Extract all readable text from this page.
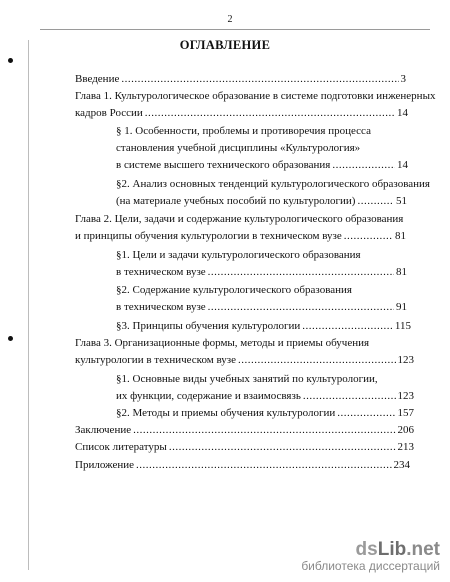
2
ОГЛАВЛЕНИЕ
Введение .....	3
Глава 1. Культурологическое образование в системе подготовки инженерных
кадров России .....	14
§ 1. Особенности, проблемы и противоречия процесса
становления учебной дисциплины «Культурология»
в системе высшего технического образования .....	14
§2. Анализ основных тенденций культурологического образования
(на материале учебных пособий по культурологии) .....	51
Глава 2. Цели, задачи и содержание культурологического образования
и принципы обучения культурологии в техническом вузе .....	81
§1. Цели и задачи культурологического образования
в техническом вузе .....	81
§2. Содержание культурологического образования
в техническом вузе .....	91
§3. Принципы обучения культурологии .....	115
Глава 3. Организационные формы, методы и приемы обучения
культурологии в техническом вузе .....	123
§1. Основные виды учебных занятий по культурологии,
их функции, содержание и взаимосвязь .....	123
§2. Методы и приемы обучения культурологии .....	157
Заключение .....	206
Список литературы .....	213
Приложение .....	234
dsLib.net
библиотека диссертаций
